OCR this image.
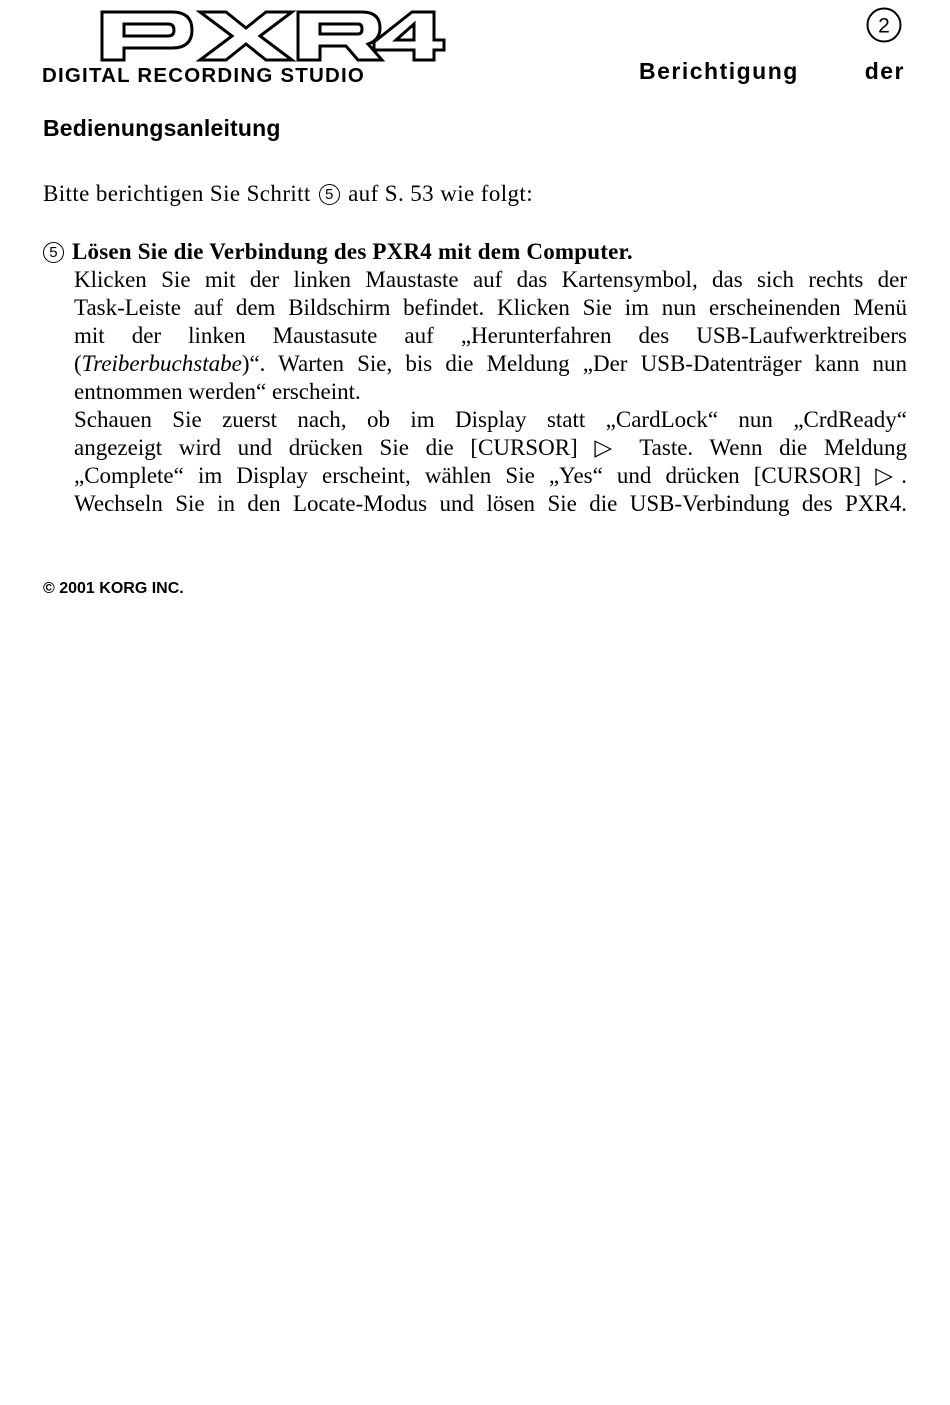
DIGITAL RECORDING STUDIO
2
Berichtigung	der
Bedienungsanleitung
Bitte berichtigen Sie Schritt 5 auf S. 53 wie folgt:
5 Lösen Sie die Verbindung des PXR4 mit dem Computer.
Klicken Sie mit der linken Maustaste auf das Kartensymbol, das sich rechts der
Task-Leiste auf dem Bildschirm befindet. Klicken Sie im nun erscheinenden Menü
mit der linken Maustasute auf „Herunterfahren des USB-Laufwerktreibers
(Treiberbuchstabe)“. Warten Sie, bis die Meldung „Der USB-Datenträger kann nun
entnommen werden“ erscheint.
Schauen Sie zuerst nach, ob im Display statt „CardLock“ nun „CrdReady“
angezeigt wird und drücken Sie die [CURSOR] ▷ Taste. Wenn die Meldung
„Complete“ im Display erscheint, wählen Sie „Yes“ und drücken [CURSOR] ▷.
Wechseln Sie in den Locate-Modus und lösen Sie die USB-Verbindung des PXR4.
© 2001 KORG INC.
